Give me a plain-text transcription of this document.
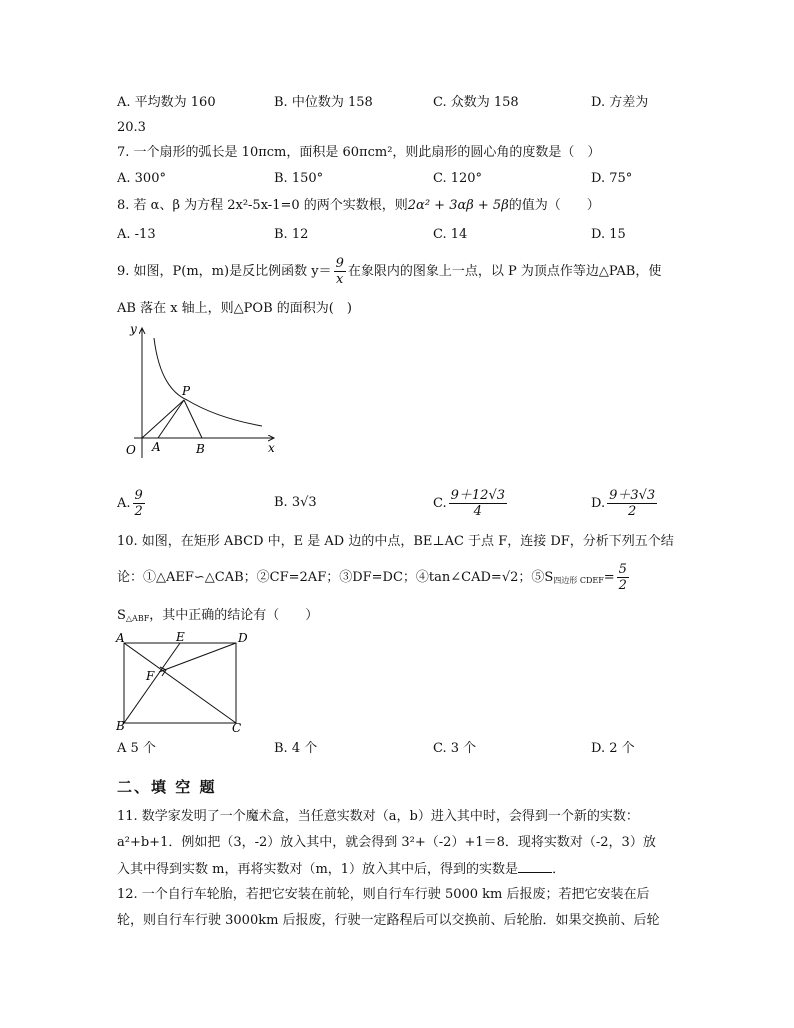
A. 平均数为 160	B. 中位数为 158	C. 众数为 158	D. 方差为
20.3
7. 一个扇形的弧长是 10πcm，面积是 60πcm²，则此扇形的圆心角的度数是（　）
A. 300°	B. 150°	C. 120°	D. 75°
8. 若 α、β 为方程 2x²-5x-1=0 的两个实数根，则2α² + 3αβ + 5β的值为（　　）
A. -13	B. 12	C. 14	D. 15
9. 如图，P(m，m)是反比例函数 $y= \frac{9}{x}$ 在象限内的图象上一点，以 P 为顶点作等边△PAB，使
AB 落在 x 轴上，则△POB 的面积为(　)
y
x
O A	B
P
A. $\frac{9}{2}$	B. 3√3	C. $\frac{9+12√3}{4}$	D. $\frac{9+3√3}{2}$
10. 如图，在矩形 ABCD 中，E 是 AD 边的中点，BE⊥AC 于点 F，连接 DF，分析下列五个结
论：①△AEF∽△CAB；②CF=2AF；③DF=DC；④tan∠CAD=√2；$⑤S_{四边形 CDEF}= \frac{5}{2}$
$S_{\triangle ABF}$，其中正确的结论有（　　）
A	E	D
F
B	C
A 5 个	B. 4 个	C. 3 个	D. 2 个
二、填 空 题
11. 数学家发明了一个魔术盒，当任意实数对（a，b）进入其中时，会得到一个新的实数：
a²+b+1．例如把（3，-2）放入其中，就会得到 3²+（-2）+1＝8．现将实数对（-2，3）放
入其中得到实数 m，再将实数对（m，1）放入其中后，得到的实数是	．
12. 一个自行车轮胎，若把它安装在前轮，则自行车行驶 5000 km 后报废；若把它安装在后
轮，则自行车行驶 3000km 后报废，行驶一定路程后可以交换前、后轮胎．如果交换前、后轮
